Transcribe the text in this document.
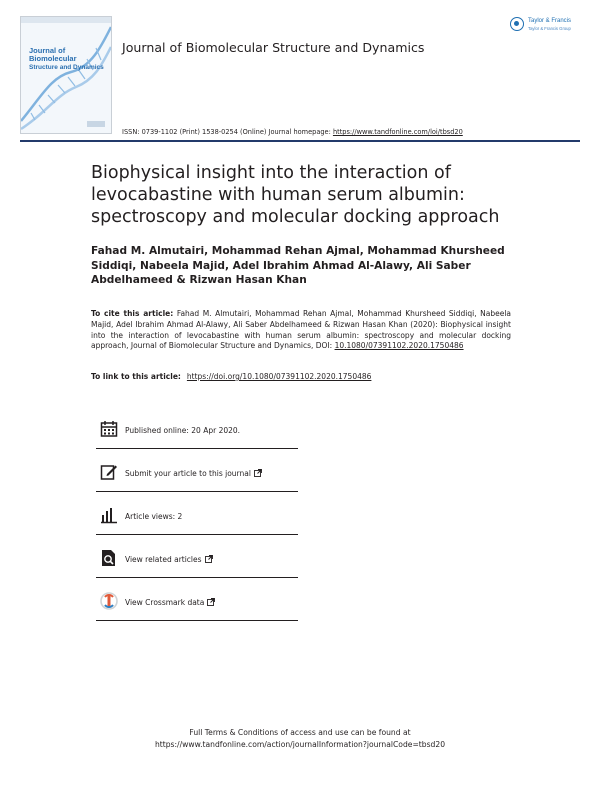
Journal of Biomolecular
Structure and Dynamics
Journal of Biomolecular Structure and Dynamics
Taylor & Francis
Taylor & Francis Group
ISSN: 0739-1102 (Print) 1538-0254 (Online) Journal homepage: https://www.tandfonline.com/loi/tbsd20
Biophysical insight into the interaction of levocabastine with human serum albumin: spectroscopy and molecular docking approach
Fahad M. Almutairi, Mohammad Rehan Ajmal, Mohammad Khursheed Siddiqi, Nabeela Majid, Adel Ibrahim Ahmad Al-Alawy, Ali Saber Abdelhameed & Rizwan Hasan Khan
To cite this article: Fahad M. Almutairi, Mohammad Rehan Ajmal, Mohammad Khursheed Siddiqi, Nabeela Majid, Adel Ibrahim Ahmad Al-Alawy, Ali Saber Abdelhameed & Rizwan Hasan Khan (2020): Biophysical insight into the interaction of levocabastine with human serum albumin: spectroscopy and molecular docking approach, Journal of Biomolecular Structure and Dynamics, DOI: 10.1080/07391102.2020.1750486
To link to this article: https://doi.org/10.1080/07391102.2020.1750486
Published online: 20 Apr 2020.
Submit your article to this journal
Article views: 2
View related articles
View Crossmark data
Full Terms & Conditions of access and use can be found at
https://www.tandfonline.com/action/journalInformation?journalCode=tbsd20
